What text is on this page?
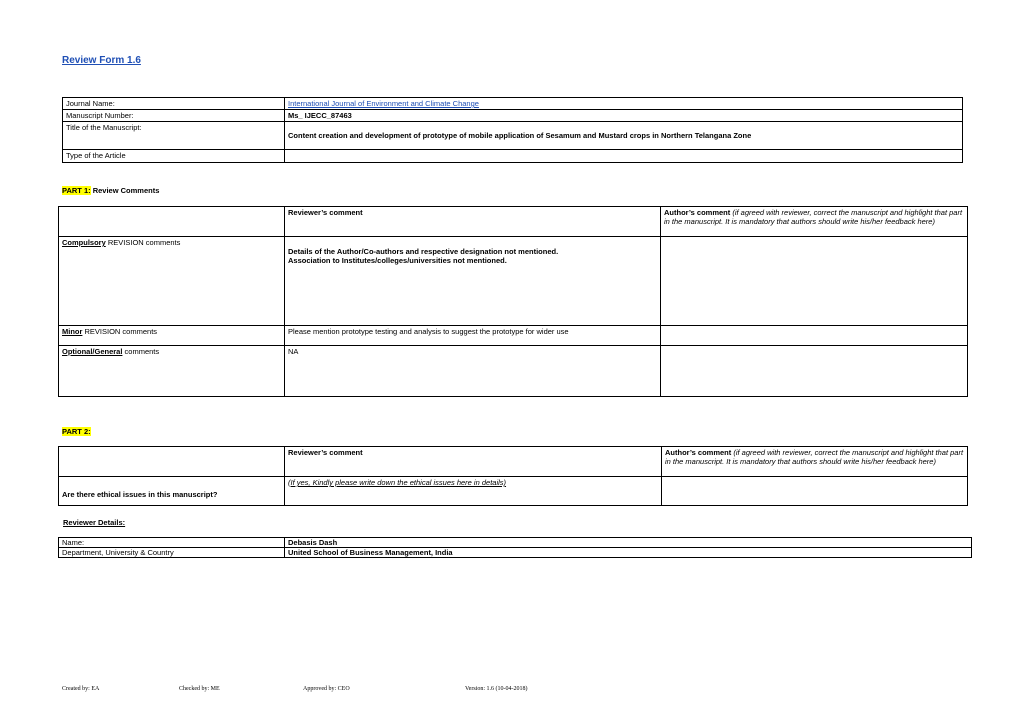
Review Form 1.6
Journal Name:	International Journal of Environment and Climate Change
Manuscript Number:	Ms_ IJECC_87463
Title of the Manuscript:	Content creation and development of prototype of mobile application of Sesamum and Mustard crops in Northern Telangana Zone
Type of the Article	
PART 1: Review Comments
	Reviewer’s comment	Author’s comment (if agreed with reviewer, correct the manuscript and highlight that part in the manuscript. It is mandatory that authors should write his/her feedback here)
Compulsory REVISION comments	Details of the Author/Co-authors and respective designation not mentioned.
Association to Institutes/colleges/universities not mentioned.	

Minor REVISION comments	Please mention prototype testing and analysis to suggest the prototype for wider use	
Optional/General comments	NA	
PART 2:
	Reviewer’s comment	Author’s comment (if agreed with reviewer, correct the manuscript and highlight that part in the manuscript. It is mandatory that authors should write his/her feedback here)
Are there ethical issues in this manuscript?	(If yes, Kindly please write down the ethical issues here in details)	
Reviewer Details:
Name:	Debasis Dash
Department, University & Country	United School of Business Management, India
Created by: EA	Checked by: ME	Approved by: CEO	Version: 1.6 (10-04-2018)
